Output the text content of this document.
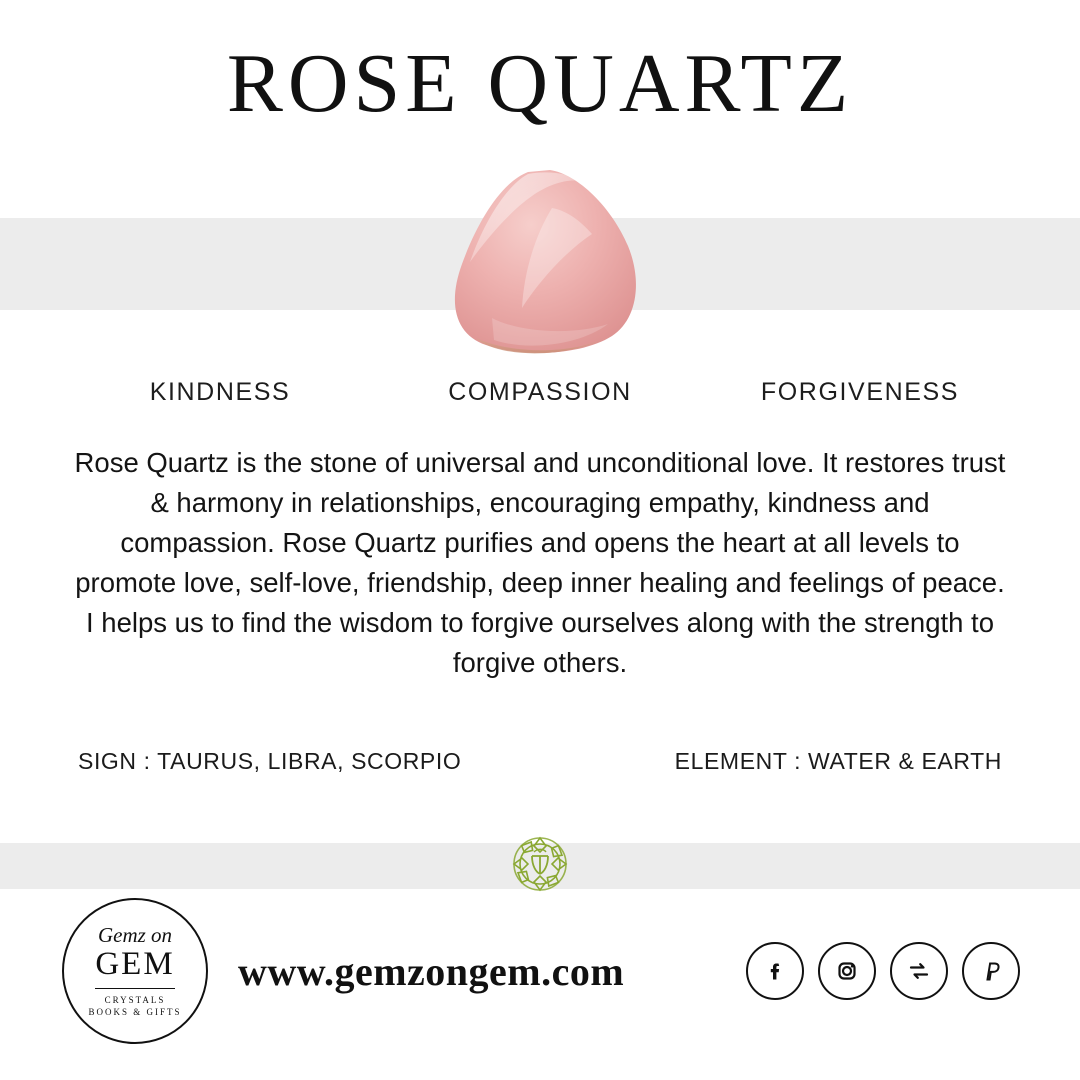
ROSE QUARTZ
KINDNESS	COMPASSION	FORGIVENESS
Rose Quartz is the stone of universal and unconditional love. It restores trust & harmony in relationships, encouraging empathy, kindness and compassion. Rose Quartz purifies and opens the heart at all levels to promote love, self-love, friendship, deep inner healing and feelings of peace. I helps us to find the wisdom to forgive ourselves along with the strength to forgive others.
SIGN : TAURUS, LIBRA, SCORPIO	ELEMENT : WATER & EARTH
Gemz on
GEM
CRYSTALS
BOOKS & GIFTS
www.gemzongem.com
